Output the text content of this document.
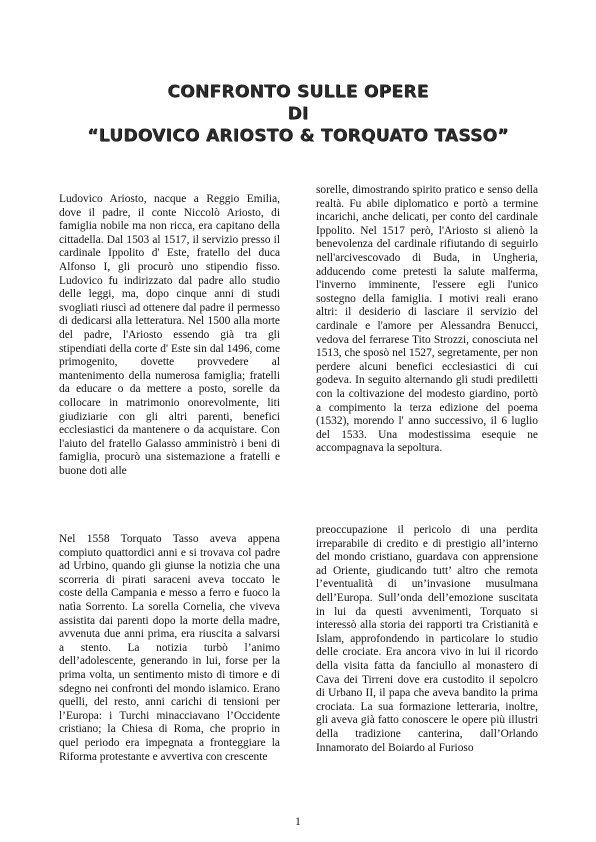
CONFRONTO SULLE OPERE
DI
“LUDOVICO ARIOSTO & TORQUATO TASSO”

Ludovico Ariosto, nacque a Reggio Emilia, dove il padre, il conte Niccolò Ariosto, di famiglia nobile ma non ricca, era capitano della cittadella. Dal 1503 al 1517, il servizio presso il cardinale Ippolito d' Este, fratello del duca Alfonso I, gli procurò uno stipendio fisso. Ludovico fu indirizzato dal padre allo studio delle leggi, ma, dopo cinque anni di studi svogliati riuscì ad ottenere dal padre il permesso di dedicarsi alla letteratura. Nel 1500 alla morte del padre, l'Ariosto essendo già tra gli stipendiati della corte d' Este sin dal 1496, come primogenito, dovette provvedere al mantenimento della numerosa famiglia; fratelli da educare o da mettere a posto, sorelle da collocare in matrimonio onorevolmente, liti giudiziarie con gli altri parenti, benefici ecclesiastici da mantenere o da acquistare. Con l'aiuto del fratello Galasso amministrò i beni di famiglia, procurò una sistemazione a fratelli e buone doti alle

sorelle, dimostrando spirito pratico e senso della realtà. Fu abile diplomatico e portò a termine incarichi, anche delicati, per conto del cardinale Ippolito. Nel 1517 però, l'Ariosto si alienò la benevolenza del cardinale rifiutando di seguirlo nell'arcivescovado di Buda, in Ungheria, adducendo come pretesti la salute malferma, l'inverno imminente, l'essere egli l'unico sostegno della famiglia. I motivi reali erano altri: il desiderio di lasciare il servizio del cardinale e l'amore per Alessandra Benucci, vedova del ferrarese Tito Strozzi, conosciuta nel 1513, che sposò nel 1527, segretamente, per non perdere alcuni benefici ecclesiastici di cui godeva. In seguito alternando gli studi prediletti con la coltivazione del modesto giardino, portò a compimento la terza edizione del poema (1532), morendo l' anno successivo, il 6 luglio del 1533. Una modestissima esequie ne accompagnava la sepoltura.

Nel 1558 Torquato Tasso aveva appena compiuto quattordici anni e si trovava col padre ad Urbino, quando gli giunse la notizia che una scorreria di pirati saraceni aveva toccato le coste della Campania e messo a ferro e fuoco la natìa Sorrento. La sorella Cornelia, che viveva assistita dai parenti dopo la morte della madre, avvenuta due anni prima, era riuscita a salvarsi a stento. La notizia turbò l’animo dell’adolescente, generando in lui, forse per la prima volta, un sentimento misto di timore e di sdegno nei confronti del mondo islamico. Erano quelli, del resto, anni carichi di tensioni per l’Europa: i Turchi minacciavano l’Occidente cristiano; la Chiesa di Roma, che proprio in quel periodo era impegnata a fronteggiare la Riforma protestante e avvertiva con crescente

preoccupazione il pericolo di una perdita irreparabile di credito e di prestigio all’interno del mondo cristiano, guardava con apprensione ad Oriente, giudicando tutt’ altro che remota l’eventualità di un’invasione musulmana dell’Europa. Sull’onda dell’emozione suscitata in lui da questi avvenimenti, Torquato si interessò alla storia dei rapporti tra Cristianità e Islam, approfondendo in particolare lo studio delle crociate. Era ancora vivo in lui il ricordo della visita fatta da fanciullo al monastero di Cava dei Tirreni dove era custodito il sepolcro di Urbano II, il papa che aveva bandito la prima crociata. La sua formazione letteraria, inoltre, gli aveva già fatto conoscere le opere più illustri della tradizione canterina, dall’Orlando Innamorato del Boiardo al Furioso

1
